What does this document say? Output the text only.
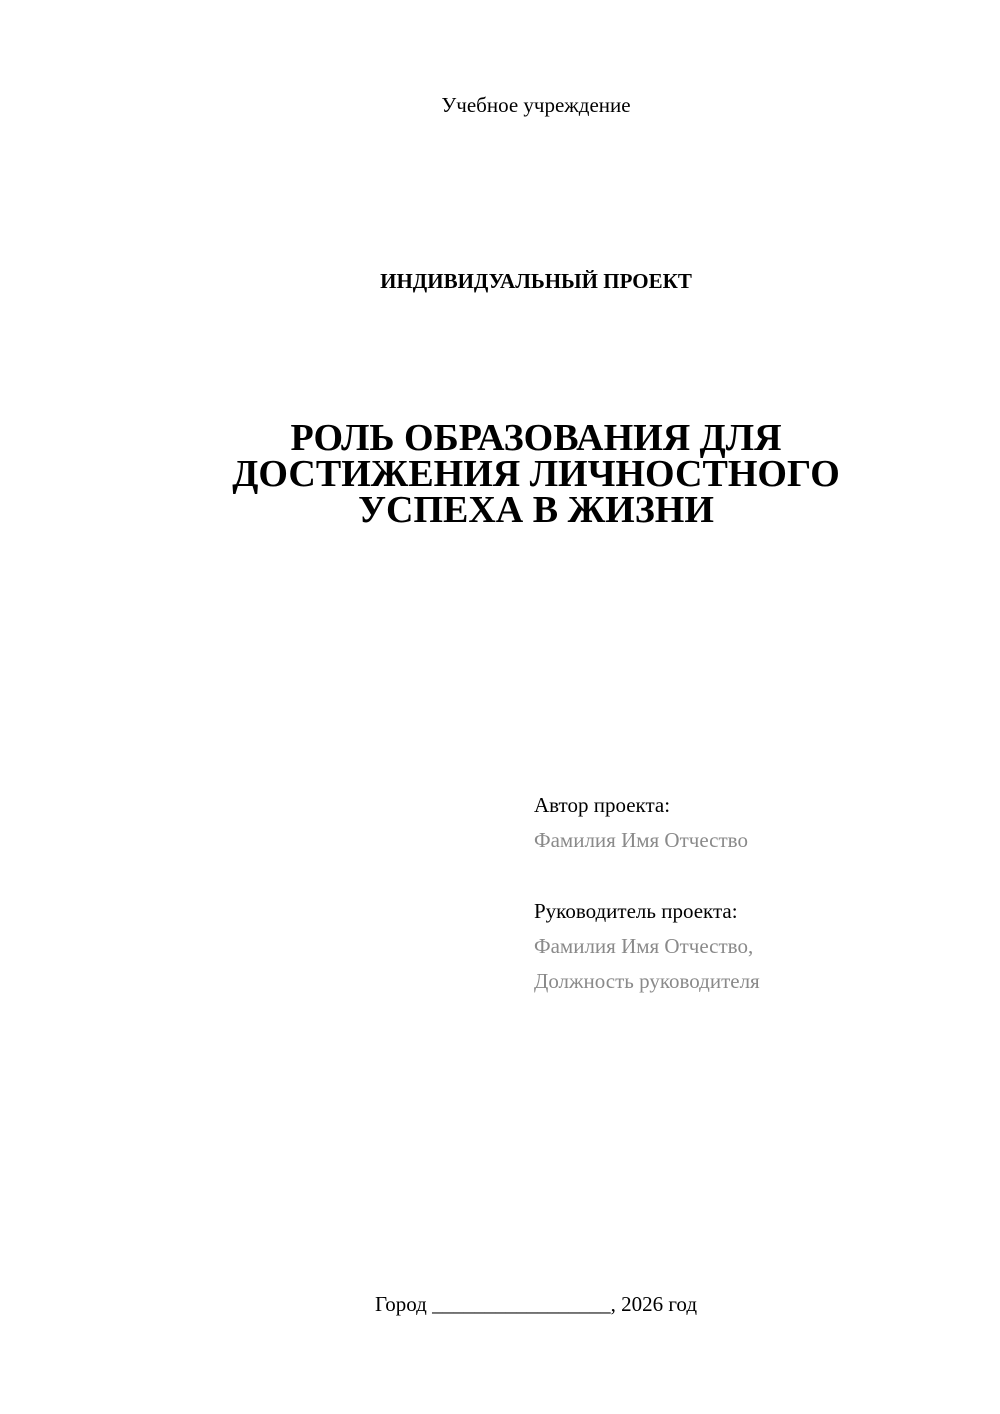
Учебное учреждение
ИНДИВИДУАЛЬНЫЙ ПРОЕКТ
РОЛЬ ОБРАЗОВАНИЯ ДЛЯ
ДОСТИЖЕНИЯ ЛИЧНОСТНОГО
УСПЕХА В ЖИЗНИ
Автор проекта:
Фамилия Имя Отчество
Руководитель проекта:
Фамилия Имя Отчество,
Должность руководителя
Город _________________, 2026 год
